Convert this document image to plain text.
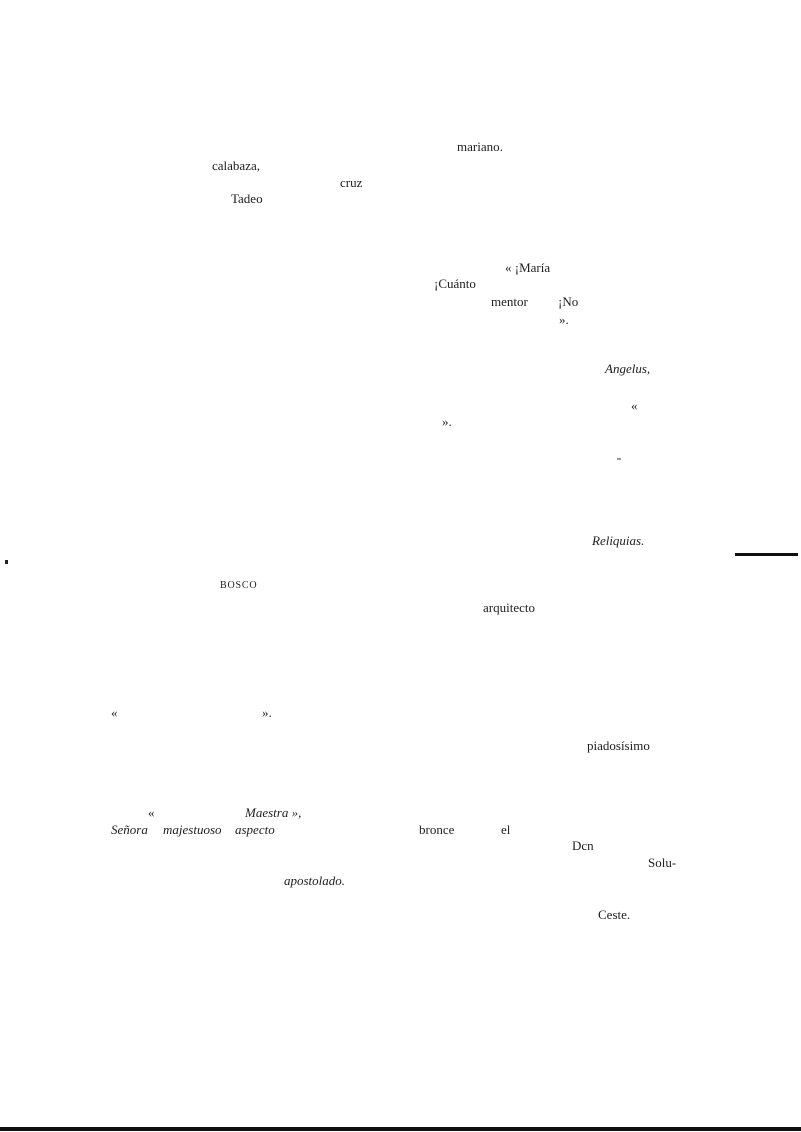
mariano.
calabaza,
cruz
Tadeo
« ¡María
¡Cuánto
mentor ¡No
».
Angelus,
«
».
Reliquias.
BOSCO
arquitecto
«	».
piadosísimo
«	Maestra »,
Señora majestuoso aspecto	bronce	el
Dcn
Solu-
apostolado.
Ceste.
